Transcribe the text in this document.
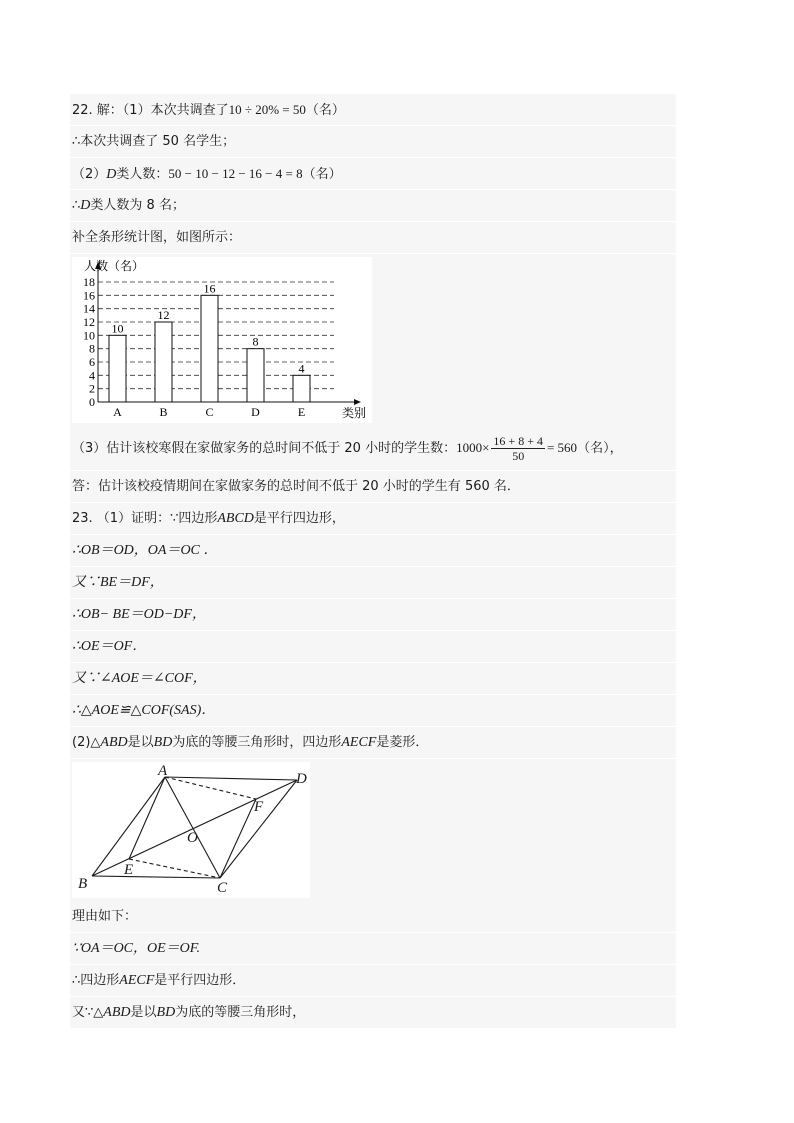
22. 解：（1）本次共调查了10 ÷ 20% = 50（名）
∴本次共调查了 50 名学生；
（2）D类人数：50 − 10 − 12 − 16 − 4 = 8（名）
∴D类人数为 8 名；
补全条形统计图，如图所示：
10
12
16
8
4
0
2
4
6
8
10
12
14
16
18
A	B	C	D	E
人数（名）
类别
（3）估计该校寒假在家做家务的总时间不低于 20 小时的学生数：$1000\times \frac{16 + 8 + 4}{50} = 560$（名），
答：估计该校疫情期间在家做家务的总时间不低于 20 小时的学生有 560 名．
23. （1）证明：∵四边形ABCD是平行四边形，
∴OB＝OD，OA＝OC ．
又∵BE＝DF，
∴OB− BE＝OD−DF，
∴OE＝OF．
又∵∠AOE＝∠COF，
∴△AOE≌△COF(SAS)．
(2)△ABD是以BD为底的等腰三角形时，四边形AECF是菱形．
A	D
F
O
E
B	C
理由如下：
∵OA＝OC，OE＝OF.
∴四边形AECF是平行四边形．
又∵△ABD是以BD为底的等腰三角形时，
